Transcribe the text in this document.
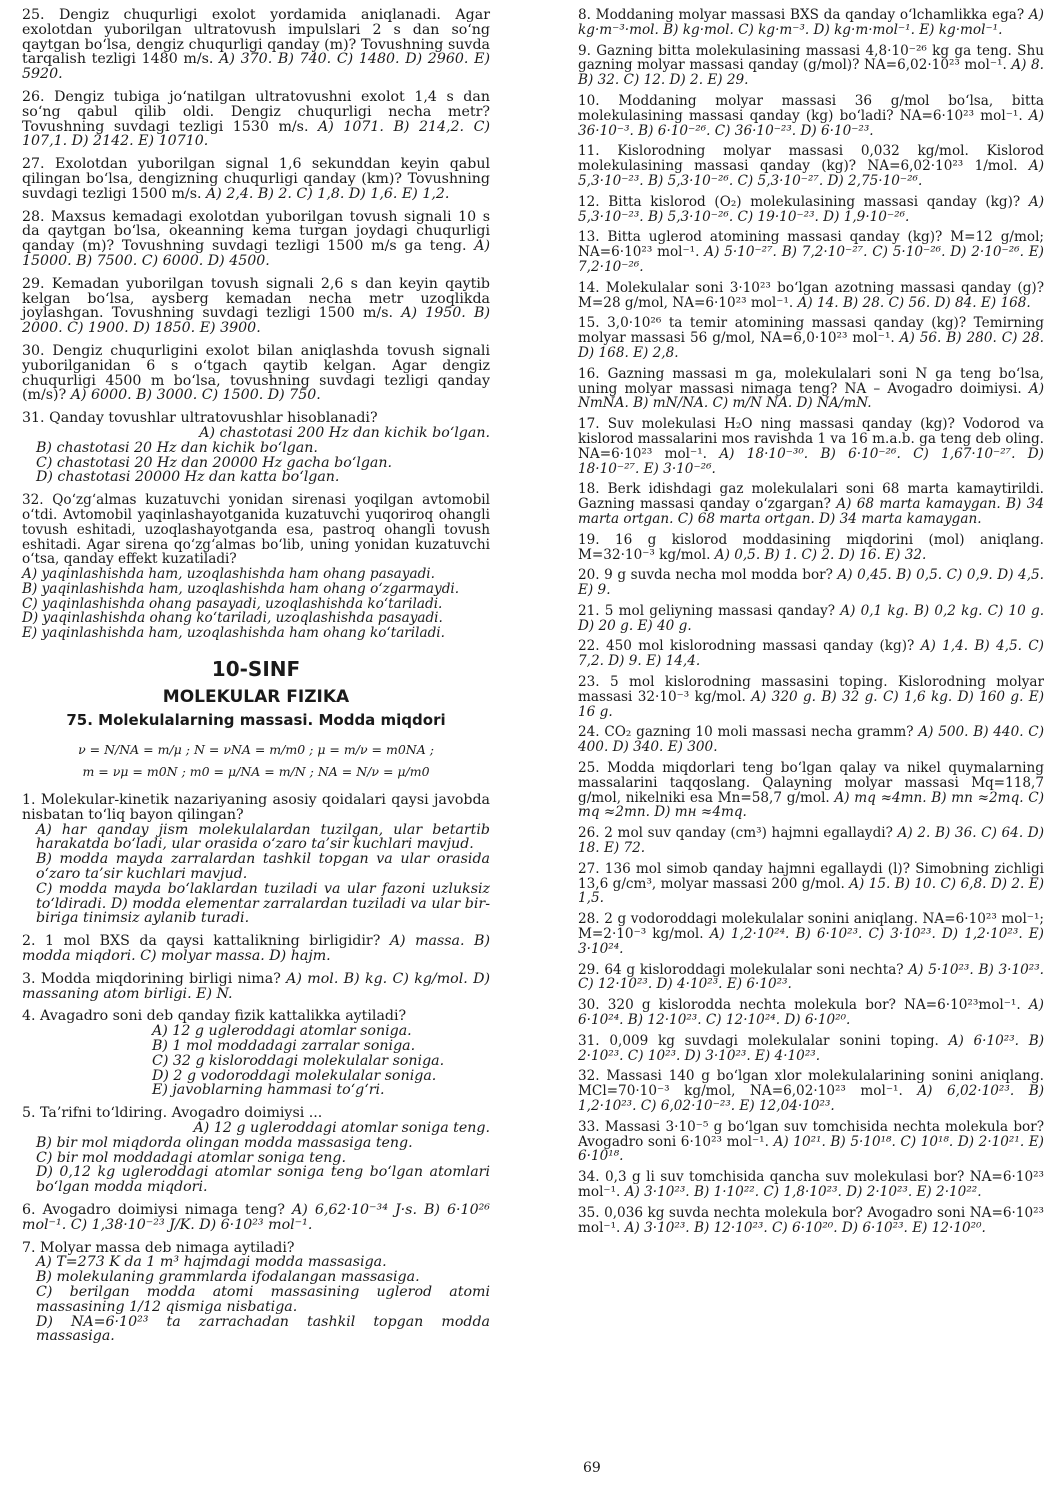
25. Dengiz chuqurligi exolot yordamida aniqlanadi. Agar exolotdan yuborilgan ultratovush impulslari 2 s dan so‘ng qaytgan bo‘lsa, dengiz chuqurligi qanday (m)? Tovushning suvda tarqalish tezligi 1480 m/s. A) 370. B) 740. C) 1480. D) 2960. E) 5920.
26. Dengiz tubiga jo‘natilgan ultratovushni exolot 1,4 s dan so‘ng qabul qilib oldi. Dengiz chuqurligi necha metr? Tovushning suvdagi tezligi 1530 m/s. A) 1071. B) 214,2. C) 107,1. D) 2142. E) 10710.
27. Exolotdan yuborilgan signal 1,6 sekunddan keyin qabul qilingan bo‘lsa, dengizning chuqurligi qanday (km)? Tovushning suvdagi tezligi 1500 m/s. A) 2,4. B) 2. C) 1,8. D) 1,6. E) 1,2.
28. Maxsus kemadagi exolotdan yuborilgan tovush signali 10 s da qaytgan bo‘lsa, okeanning kema turgan joydagi chuqurligi qanday (m)? Tovushning suvdagi tezligi 1500 m/s ga teng. A) 15000. B) 7500. C) 6000. D) 4500.
29. Kemadan yuborilgan tovush signali 2,6 s dan keyin qaytib kelgan bo‘lsa, aysberg kemadan necha metr uzoqlikda joylashgan. Tovushning suvdagi tezligi 1500 m/s. A) 1950. B) 2000. C) 1900. D) 1850. E) 3900.
30. Dengiz chuqurligini exolot bilan aniqlashda tovush signali yuborilganidan 6 s o‘tgach qaytib kelgan. Agar dengiz chuqurligi 4500 m bo‘lsa, tovushning suvdagi tezligi qanday (m/s)? A) 6000. B) 3000. C) 1500. D) 750.
31. Qanday tovushlar ultratovushlar hisoblanadi?
A) chastotasi 200 Hz dan kichik bo‘lgan.
B) chastotasi 20 Hz dan kichik bo‘lgan.
C) chastotasi 20 Hz dan 20000 Hz gacha bo‘lgan.
D) chastotasi 20000 Hz dan katta bo‘lgan.
32. Qo‘zg‘almas kuzatuvchi yonidan sirenasi yoqilgan avtomobil o‘tdi. Avtomobil yaqinlashayotganida kuzatuvchi yuqoriroq ohangli tovush eshitadi, uzoqlashayotganda esa, pastroq ohangli tovush eshitadi. Agar sirena qo‘zg‘almas bo‘lib, uning yonidan kuzatuvchi o‘tsa, qanday effekt kuzatiladi?
A) yaqinlashishda ham, uzoqlashishda ham ohang pasayadi.
B) yaqinlashishda ham, uzoqlashishda ham ohang o‘zgarmaydi.
C) yaqinlashishda ohang pasayadi, uzoqlashishda ko‘tariladi.
D) yaqinlashishda ohang ko‘tariladi, uzoqlashishda pasayadi.
E) yaqinlashishda ham, uzoqlashishda ham ohang ko‘tariladi.
10-SINF
MOLEKULAR FIZIKA
75. Molekulalarning massasi. Modda miqdori
ν = N/NA = m/μ ; N = νNA = m/m0 ; μ = m/ν = m0NA ;
m = νμ = m0N ; m0 = μ/NA = m/N ; NA = N/ν = μ/m0
1. Molekular-kinetik nazariyaning asosiy qoidalari qaysi javobda nisbatan to‘liq bayon qilingan?
A) har qanday jism molekulalardan tuzilgan, ular betartib harakatda bo‘ladi, ular orasida o‘zaro ta’sir kuchlari mavjud.
B) modda mayda zarralardan tashkil topgan va ular orasida o‘zaro ta’sir kuchlari mavjud.
C) modda mayda bo‘laklardan tuziladi va ular fazoni uzluksiz to‘ldiradi. D) modda elementar zarralardan tuziladi va ular bir-biriga tinimsiz aylanib turadi.
2. 1 mol BXS da qaysi kattalikning birligidir? A) massa. B) modda miqdori. C) molyar massa. D) hajm.
3. Modda miqdorining birligi nima? A) mol. B) kg. C) kg/mol. D) massaning atom birligi. E) N.
4. Avagadro soni deb qanday fizik kattalikka aytiladi?
A) 12 g ugleroddagi atomlar soniga.
B) 1 mol moddadagi zarralar soniga.
C) 32 g kisloroddagi molekulalar soniga.
D) 2 g vodoroddagi molekulalar soniga.
E) javoblarning hammasi to‘g‘ri.
5. Ta’rifni to‘ldiring. Avogadro doimiysi ...
A) 12 g ugleroddagi atomlar soniga teng.
B) bir mol miqdorda olingan modda massasiga teng.
C) bir mol moddadagi atomlar soniga teng.
D) 0,12 kg ugleroddagi atomlar soniga teng bo‘lgan atomlari bo‘lgan modda miqdori.
6. Avogadro doimiysi nimaga teng? A) 6,62·10⁻³⁴ J·s. B) 6·10²⁶ mol⁻¹. C) 1,38·10⁻²³ J/K. D) 6·10²³ mol⁻¹.
7. Molyar massa deb nimaga aytiladi?
A) T=273 K da 1 m³ hajmdagi modda massasiga.
B) molekulaning grammlarda ifodalangan massasiga.
C) berilgan modda atomi massasining uglerod atomi massasining 1/12 qismiga nisbatiga.
D) NA=6·10²³ ta zarrachadan tashkil topgan modda massasiga.
8. Moddaning molyar massasi BXS da qanday o‘lchamlikka ega? A) kg·m⁻³·mol. B) kg·mol. C) kg·m⁻³. D) kg·m·mol⁻¹. E) kg·mol⁻¹.
9. Gazning bitta molekulasining massasi 4,8·10⁻²⁶ kg ga teng. Shu gazning molyar massasi qanday (g/mol)? NA=6,02·10²³ mol⁻¹. A) 8. B) 32. C) 12. D) 2. E) 29.
10. Moddaning molyar massasi 36 g/mol bo‘lsa, bitta molekulasining massasi qanday (kg) bo‘ladi? NA=6·10²³ mol⁻¹. A) 36·10⁻³. B) 6·10⁻²⁶. C) 36·10⁻²³. D) 6·10⁻²³.
11. Kislorodning molyar massasi 0,032 kg/mol. Kislorod molekulasining massasi qanday (kg)? NA=6,02·10²³ 1/mol. A) 5,3·10⁻²³. B) 5,3·10⁻²⁶. C) 5,3·10⁻²⁷. D) 2,75·10⁻²⁶.
12. Bitta kislorod (O₂) molekulasining massasi qanday (kg)? A) 5,3·10⁻²³. B) 5,3·10⁻²⁶. C) 19·10⁻²³. D) 1,9·10⁻²⁶.
13. Bitta uglerod atomining massasi qanday (kg)? M=12 g/mol; NA=6·10²³ mol⁻¹. A) 5·10⁻²⁷. B) 7,2·10⁻²⁷. C) 5·10⁻²⁶. D) 2·10⁻²⁶. E) 7,2·10⁻²⁶.
14. Molekulalar soni 3·10²³ bo‘lgan azotning massasi qanday (g)? M=28 g/mol, NA=6·10²³ mol⁻¹. A) 14. B) 28. C) 56. D) 84. E) 168.
15. 3,0·10²⁶ ta temir atomining massasi qanday (kg)? Temirning molyar massasi 56 g/mol, NA=6,0·10²³ mol⁻¹. A) 56. B) 280. C) 28. D) 168. E) 2,8.
16. Gazning massasi m ga, molekulalari soni N ga teng bo‘lsa, uning molyar massasi nimaga teng? NA – Avogadro doimiysi. A) NmNA. B) mN/NA. C) m/N NA. D) NA/mN.
17. Suv molekulasi H₂O ning massasi qanday (kg)? Vodorod va kislorod massalarini mos ravishda 1 va 16 m.a.b. ga teng deb oling. NA=6·10²³ mol⁻¹. A) 18·10⁻³⁰. B) 6·10⁻²⁶. C) 1,67·10⁻²⁷. D) 18·10⁻²⁷. E) 3·10⁻²⁶.
18. Berk idishdagi gaz molekulalari soni 68 marta kamaytirildi. Gazning massasi qanday o‘zgargan? A) 68 marta kamaygan. B) 34 marta ortgan. C) 68 marta ortgan. D) 34 marta kamaygan.
19. 16 g kislorod moddasining miqdorini (mol) aniqlang. M=32·10⁻³ kg/mol. A) 0,5. B) 1. C) 2. D) 16. E) 32.
20. 9 g suvda necha mol modda bor? A) 0,45. B) 0,5. C) 0,9. D) 4,5. E) 9.
21. 5 mol geliyning massasi qanday? A) 0,1 kg. B) 0,2 kg. C) 10 g. D) 20 g. E) 40 g.
22. 450 mol kislorodning massasi qanday (kg)? A) 1,4. B) 4,5. C) 7,2. D) 9. E) 14,4.
23. 5 mol kislorodning massasini toping. Kislorodning molyar massasi 32·10⁻³ kg/mol. A) 320 g. B) 32 g. C) 1,6 kg. D) 160 g. E) 16 g.
24. CO₂ gazning 10 moli massasi necha gramm? A) 500. B) 440. C) 400. D) 340. E) 300.
25. Modda miqdorlari teng bo‘lgan qalay va nikel quymalarning massalarini taqqoslang. Qalayning molyar massasi Mq=118,7 g/mol, nikelniki esa Mn=58,7 g/mol. A) mq ≈4mn. B) mn ≈2mq. C) mq ≈2mn. D) mн ≈4mq.
26. 2 mol suv qanday (cm³) hajmni egallaydi? A) 2. B) 36. C) 64. D) 18. E) 72.
27. 136 mol simob qanday hajmni egallaydi (l)? Simobning zichligi 13,6 g/cm³, molyar massasi 200 g/mol. A) 15. B) 10. C) 6,8. D) 2. E) 1,5.
28. 2 g vodoroddagi molekulalar sonini aniqlang. NA=6·10²³ mol⁻¹; M=2·10⁻³ kg/mol. A) 1,2·10²⁴. B) 6·10²³. C) 3·10²³. D) 1,2·10²³. E) 3·10²⁴.
29. 64 g kisloroddagi molekulalar soni nechta? A) 5·10²³. B) 3·10²³. C) 12·10²³. D) 4·10²³. E) 6·10²³.
30. 320 g kislorodda nechta molekula bor? NA=6·10²³mol⁻¹. A) 6·10²⁴. B) 12·10²³. C) 12·10²⁴. D) 6·10²⁰.
31. 0,009 kg suvdagi molekulalar sonini toping. A) 6·10²³. B) 2·10²³. C) 10²³. D) 3·10²³. E) 4·10²³.
32. Massasi 140 g bo‘lgan xlor molekulalarining sonini aniqlang. MCl=70·10⁻³ kg/mol, NA=6,02·10²³ mol⁻¹. A) 6,02·10²³. B) 1,2·10²³. C) 6,02·10⁻²³. E) 12,04·10²³.
33. Massasi 3·10⁻⁵ g bo‘lgan suv tomchisida nechta molekula bor? Avogadro soni 6·10²³ mol⁻¹. A) 10²¹. B) 5·10¹⁸. C) 10¹⁸. D) 2·10²¹. E) 6·10¹⁸.
34. 0,3 g li suv tomchisida qancha suv molekulasi bor? NA=6·10²³ mol⁻¹. A) 3·10²³. B) 1·10²². C) 1,8·10²³. D) 2·10²³. E) 2·10²².
35. 0,036 kg suvda nechta molekula bor? Avogadro soni NA=6·10²³ mol⁻¹. A) 3·10²³. B) 12·10²³. C) 6·10²⁰. D) 6·10²³. E) 12·10²⁰.
69
